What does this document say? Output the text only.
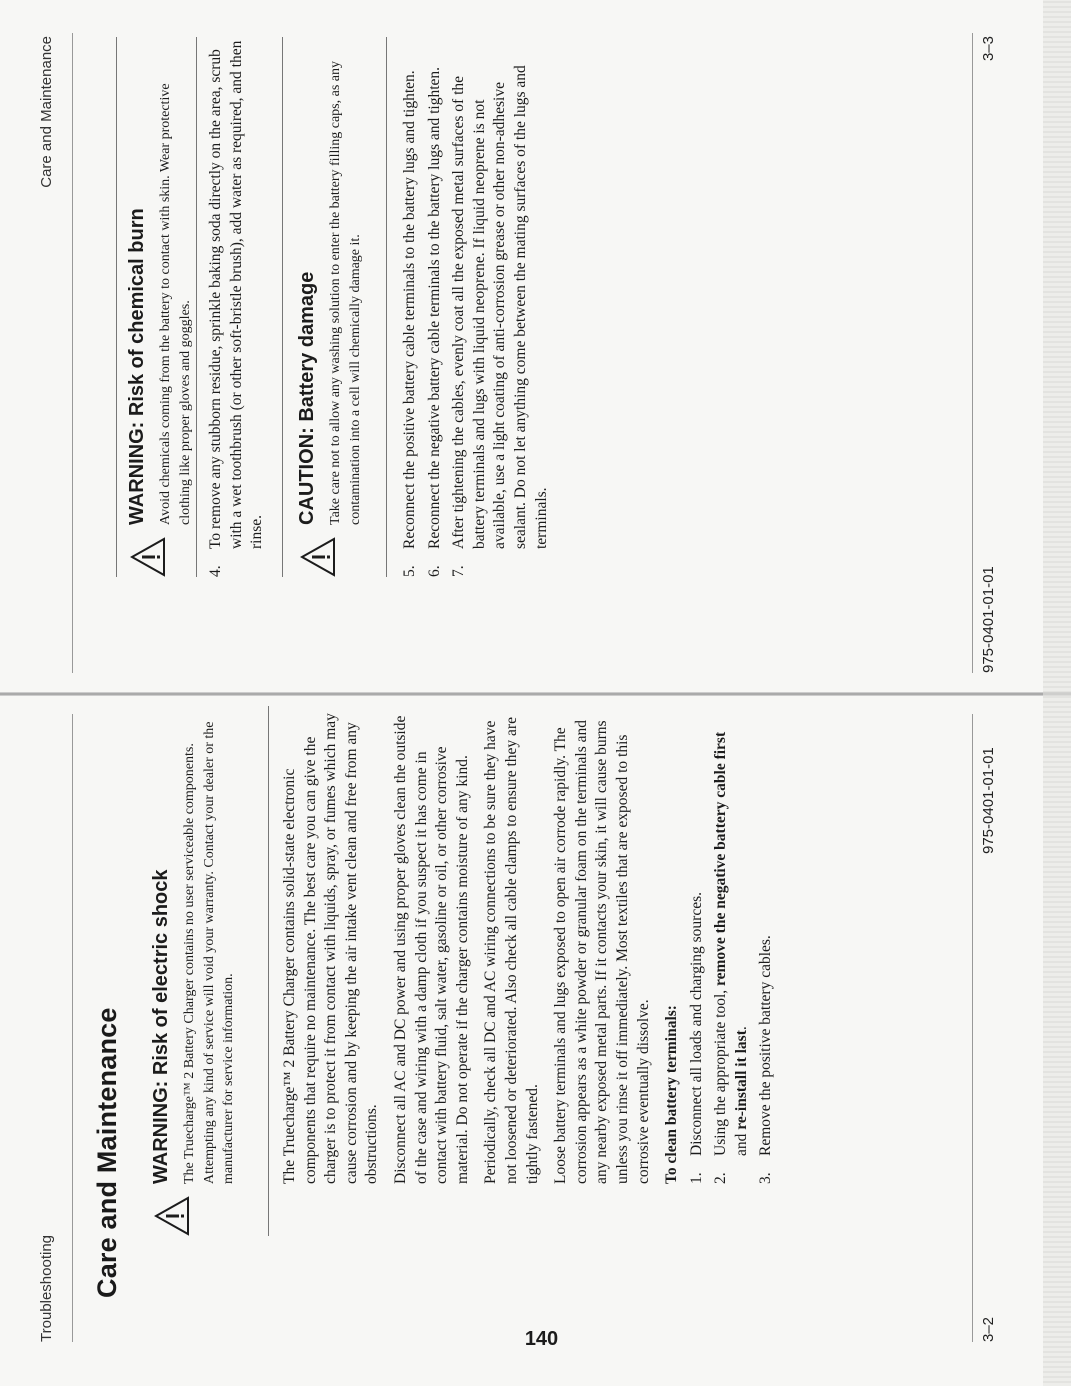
Troubleshooting Care and Maintenance WARNING: Risk of electric shock The Truecharge™ 2 Battery Charger contains no user serviceable components. Attempting any kind of service will void your warranty. Contact your dealer or the manufacturer for service information.	The Truecharge™ 2 Battery Charger contains solid-state electronic components that require no maintenance. The best care you can give the charger is to protect it from contact with liquids, spray, or fumes which may cause corrosion and by keeping the air intake vent clean and free from any obstructions. Disconnect all AC and DC power and using proper gloves clean the outside of the case and wiring with a damp cloth if you suspect it has come in contact with battery fluid, salt water, gasoline or oil, or other corrosive material. Do not operate if the charger contains moisture of any kind. Periodically, check all DC and AC wiring connections to be sure they have not loosened or deteriorated. Also check all cable clamps to ensure they are tightly fastened. Loose battery terminals and lugs exposed to open air corrode rapidly. The corrosion appears as a white powder or granular foam on the terminals and any nearby exposed metal parts. If it contacts your skin, it will cause burns unless you rinse it off immediately. Most textiles that are exposed to this corrosive eventually dissolve. To clean battery terminals: 1.
Disconnect all loads and charging sources.
2.
Using the appropriate tool, remove the negative battery cable first and re-install it last.
3.
Remove the positive battery cables.
3–2
975-0401-01-01
140
Care and Maintenance
WARNING: Risk of chemical burn Avoid chemicals coming from the battery to contact with skin. Wear protective clothing like proper gloves and goggles.

4.
To remove any stubborn residue, sprinkle baking soda directly on the area, scrub with a wet toothbrush (or other soft-bristle brush), add water as required, and then rinse.
CAUTION: Battery damage Take care not to allow any washing solution to enter the battery filling caps, as any contamination into a cell will chemically damage it.

5.
Reconnect the positive battery cable terminals to the battery lugs and tighten.
6.
Reconnect the negative battery cable terminals to the battery lugs and tighten.
7.
After tightening the cables, evenly coat all the exposed metal surfaces of the battery terminals and lugs with liquid neoprene. If liquid neoprene is not available, use a light coating of anti-corrosion grease or other non-adhesive sealant. Do not let anything come between the mating surfaces of the lugs and terminals.
975-0401-01-01
3–3
